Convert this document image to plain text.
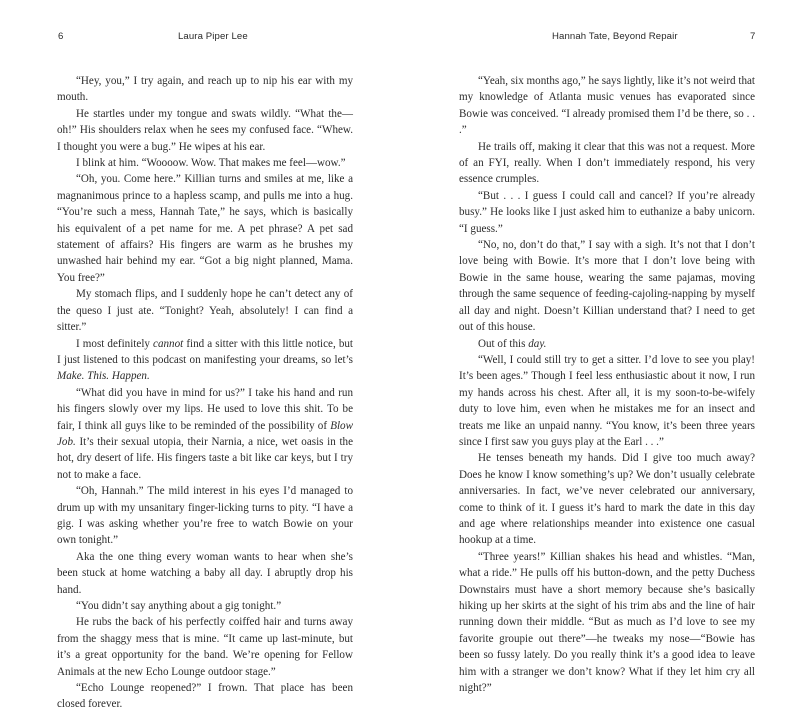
6	Laura Piper Lee

“Hey, you,” I try again, and reach up to nip his ear with my mouth.

He startles under my tongue and swats wildly. “What the—oh!” His shoulders relax when he sees my confused face. “Whew. I thought you were a bug.” He wipes at his ear.

I blink at him. “Woooow. Wow. That makes me feel—wow.”

“Oh, you. Come here.” Killian turns and smiles at me, like a magnanimous prince to a hapless scamp, and pulls me into a hug. “You’re such a mess, Hannah Tate,” he says, which is basically his equivalent of a pet name for me. A pet phrase? A pet sad statement of affairs? His fingers are warm as he brushes my unwashed hair behind my ear. “Got a big night planned, Mama. You free?”

My stomach flips, and I suddenly hope he can’t detect any of the queso I just ate. “Tonight? Yeah, absolutely! I can find a sitter.”

I most definitely cannot find a sitter with this little notice, but I just listened to this podcast on manifesting your dreams, so let’s Make. This. Happen.

“What did you have in mind for us?” I take his hand and run his fingers slowly over my lips. He used to love this shit. To be fair, I think all guys like to be reminded of the possibility of Blow Job. It’s their sexual utopia, their Narnia, a nice, wet oasis in the hot, dry desert of life. His fingers taste a bit like car keys, but I try not to make a face.

“Oh, Hannah.” The mild interest in his eyes I’d managed to drum up with my unsanitary finger-licking turns to pity. “I have a gig. I was asking whether you’re free to watch Bowie on your own tonight.”

Aka the one thing every woman wants to hear when she’s been stuck at home watching a baby all day. I abruptly drop his hand.

“You didn’t say anything about a gig tonight.”

He rubs the back of his perfectly coiffed hair and turns away from the shaggy mess that is mine. “It came up last-minute, but it’s a great opportunity for the band. We’re opening for Fellow Animals at the new Echo Lounge outdoor stage.”

“Echo Lounge reopened?” I frown. That place has been closed forever.

Hannah Tate, Beyond Repair	7

“Yeah, six months ago,” he says lightly, like it’s not weird that my knowledge of Atlanta music venues has evaporated since Bowie was conceived. “I already promised them I’d be there, so . . .”

He trails off, making it clear that this was not a request. More of an FYI, really. When I don’t immediately respond, his very essence crumples.

“But . . . I guess I could call and cancel? If you’re already busy.” He looks like I just asked him to euthanize a baby unicorn. “I guess.”

“No, no, don’t do that,” I say with a sigh. It’s not that I don’t love being with Bowie. It’s more that I don’t love being with Bowie in the same house, wearing the same pajamas, moving through the same sequence of feeding-cajoling-napping by myself all day and night. Doesn’t Killian understand that? I need to get out of this house.

Out of this day.

“Well, I could still try to get a sitter. I’d love to see you play! It’s been ages.” Though I feel less enthusiastic about it now, I run my hands across his chest. After all, it is my soon-to-be-wifely duty to love him, even when he mistakes me for an insect and treats me like an unpaid nanny. “You know, it’s been three years since I first saw you guys play at the Earl . . .”

He tenses beneath my hands. Did I give too much away? Does he know I know something’s up? We don’t usually celebrate anniversaries. In fact, we’ve never celebrated our anniversary, come to think of it. I guess it’s hard to mark the date in this day and age where relationships meander into existence one casual hookup at a time.

“Three years!” Killian shakes his head and whistles. “Man, what a ride.” He pulls off his button-down, and the petty Duchess Downstairs must have a short memory because she’s basically hiking up her skirts at the sight of his trim abs and the line of hair running down their middle. “But as much as I’d love to see my favorite groupie out there”—he tweaks my nose—“Bowie has been so fussy lately. Do you really think it’s a good idea to leave him with a stranger we don’t know? What if they let him cry all night?”
